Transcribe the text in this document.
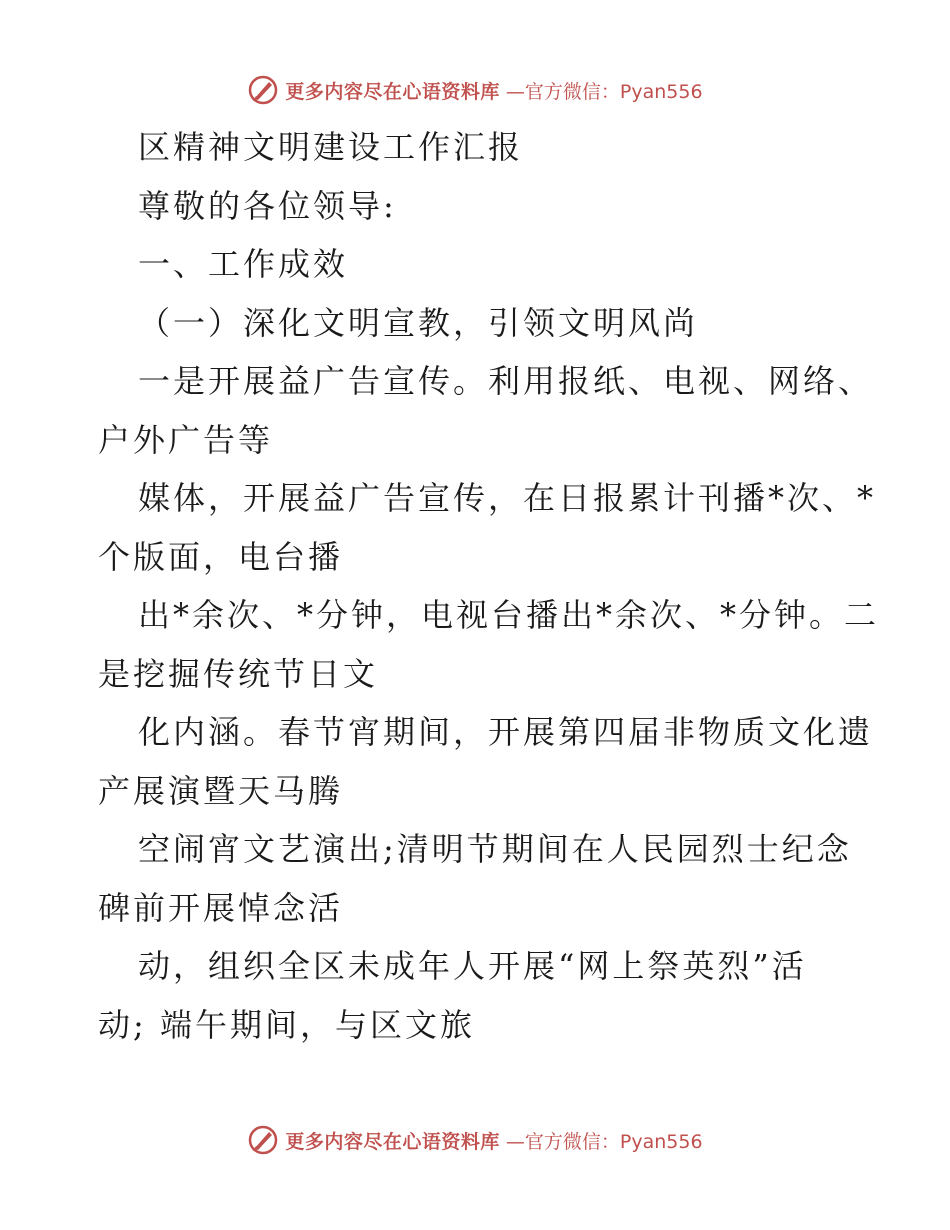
更多内容尽在心语资料库 —官方微信：Pyan556
区精神文明建设工作汇报
尊敬的各位领导:
一、工作成效
（一）深化文明宣教，引领文明风尚
一是开展益广告宣传。利用报纸、电视、网络、
户外广告等
媒体，开展益广告宣传，在日报累计刊播*次、*
个版面，电台播
出*余次、*分钟，电视台播出*余次、*分钟。二
是挖掘传统节日文
化内涵。春节宵期间，开展第四届非物质文化遗
产展演暨天马腾
空闹宵文艺演出;清明节期间在人民园烈士纪念
碑前开展悼念活
动，组织全区未成年人开展“网上祭英烈”活
动; 端午期间，与区文旅
更多内容尽在心语资料库 —官方微信：Pyan556
